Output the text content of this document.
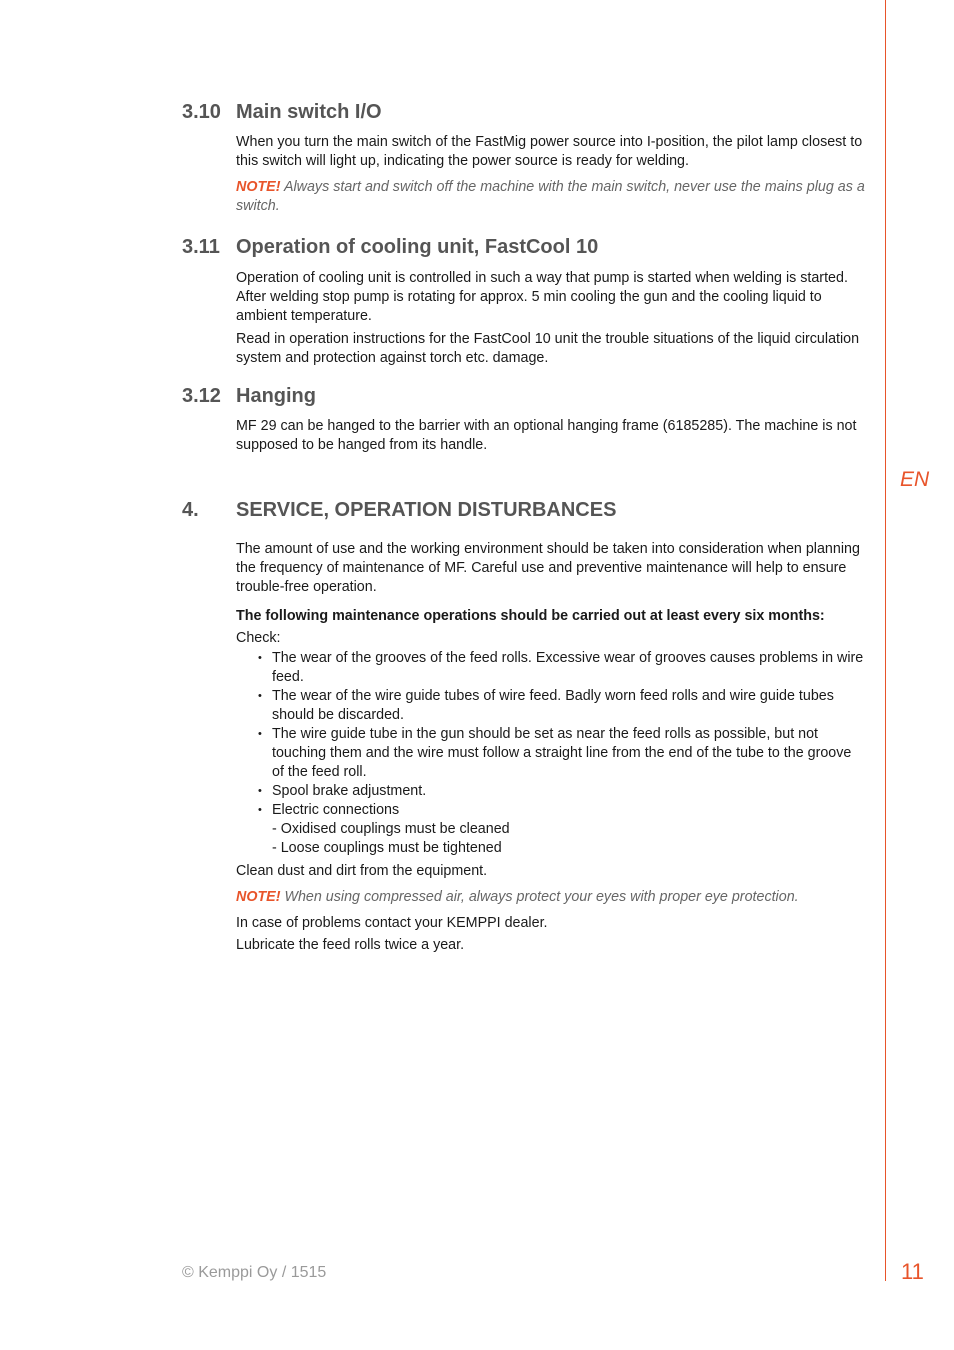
EN
3.10 Main switch I/O
When you turn the main switch of the FastMig power source into I-position, the pilot lamp closest to this switch will light up, indicating the power source is ready for welding.
NOTE! Always start and switch off the machine with the main switch, never use the mains plug as a switch.
3.11 Operation of cooling unit, FastCool 10
Operation of cooling unit is controlled in such a way that pump is started when welding is started. After welding stop pump is rotating for approx. 5 min cooling the gun and the cooling liquid to ambient temperature.
Read in operation instructions for the FastCool 10 unit the trouble situations of the liquid circulation system and protection against torch etc. damage.
3.12 Hanging
MF 29 can be hanged to the barrier with an optional hanging frame (6185285). The machine is not supposed to be hanged from its handle.
4. SERVICE, OPERATION DISTURBANCES
The amount of use and the working environment should be taken into consideration when planning the frequency of maintenance of MF. Careful use and preventive maintenance will help to ensure trouble-free operation.
The following maintenance operations should be carried out at least every six months:
Check:
• The wear of the grooves of the feed rolls. Excessive wear of grooves causes problems in wire feed.
• The wear of the wire guide tubes of wire feed. Badly worn feed rolls and wire guide tubes should be discarded.
• The wire guide tube in the gun should be set as near the feed rolls as possible, but not touching them and the wire must follow a straight line from the end of the tube to the groove of the feed roll.
• Spool brake adjustment.
• Electric connections
- Oxidised couplings must be cleaned
- Loose couplings must be tightened
Clean dust and dirt from the equipment.
NOTE! When using compressed air, always protect your eyes with proper eye protection.
In case of problems contact your KEMPPI dealer.
Lubricate the feed rolls twice a year.
© Kemppi Oy / 1515	11
